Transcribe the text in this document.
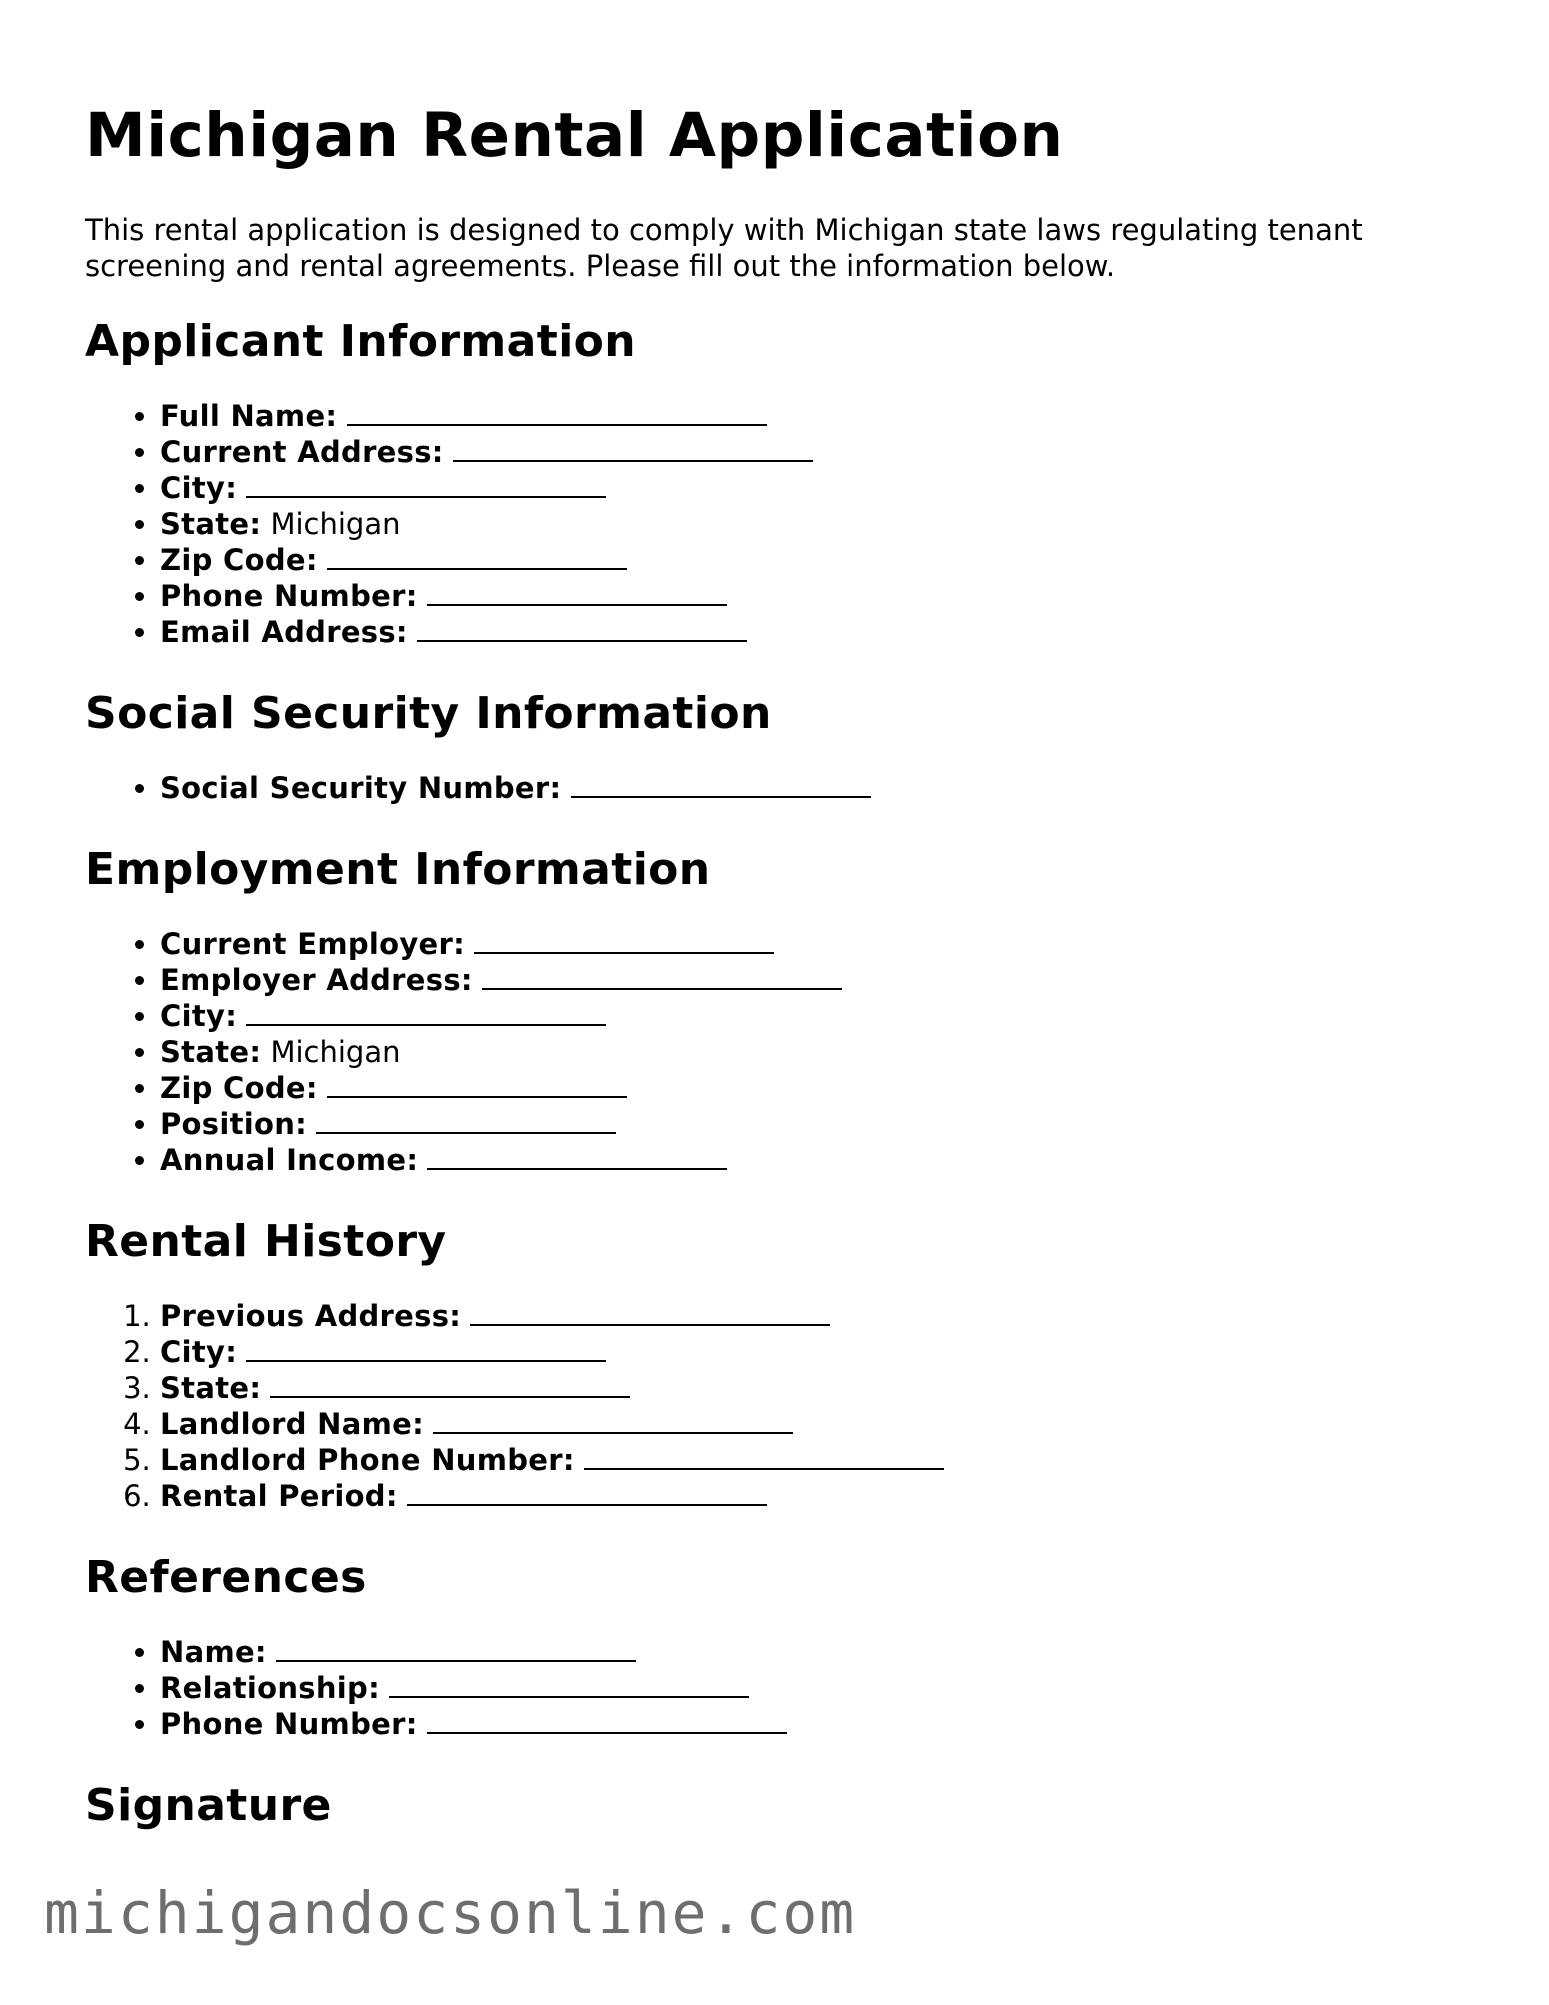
Michigan Rental Application

This rental application is designed to comply with Michigan state laws regulating tenant screening and rental agreements. Please fill out the information below.

Applicant Information
• Full Name:
• Current Address:
• City:
• State: Michigan
• Zip Code:
• Phone Number:
• Email Address:
Social Security Information
• Social Security Number:
Employment Information
• Current Employer:
• Employer Address:
• City:
• State: Michigan
• Zip Code:
• Position:
• Annual Income:
Rental History
1. Previous Address:
2. City:
3. State:
4. Landlord Name:
5. Landlord Phone Number:
6. Rental Period:
References
• Name:
• Relationship:
• Phone Number:
Signature
michigandocsonline.com
